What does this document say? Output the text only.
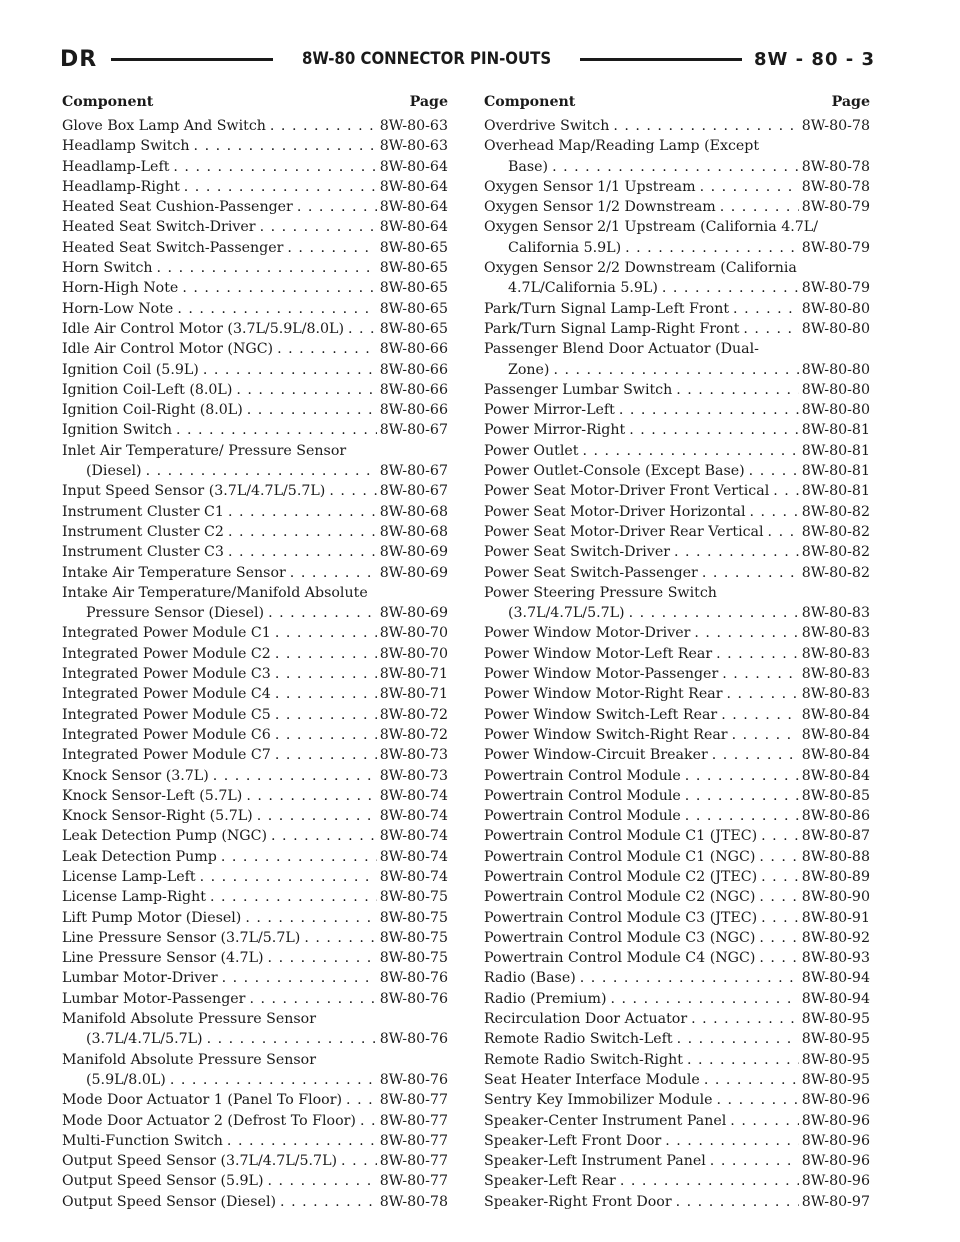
DR	8W-80 CONNECTOR PIN-OUTS	8W - 80 - 3
Component	Page
Glove Box Lamp And Switch . . .	8W-80-63
Headlamp Switch . . .	8W-80-63
Headlamp-Left . . .	8W-80-64
Headlamp-Right . . .	8W-80-64
Heated Seat Cushion-Passenger . . .	8W-80-64
Heated Seat Switch-Driver . . .	8W-80-64
Heated Seat Switch-Passenger . . .	8W-80-65
Horn Switch . . .	8W-80-65
Horn-High Note . . .	8W-80-65
Horn-Low Note . . .	8W-80-65
Idle Air Control Motor (3.7L/5.9L/8.0L) . . .	8W-80-65
Idle Air Control Motor (NGC) . . .	8W-80-66
Ignition Coil (5.9L) . . .	8W-80-66
Ignition Coil-Left (8.0L) . . .	8W-80-66
Ignition Coil-Right (8.0L) . . .	8W-80-66
Ignition Switch . . .	8W-80-67
Inlet Air Temperature/ Pressure Sensor
(Diesel) . . .	8W-80-67
Input Speed Sensor (3.7L/4.7L/5.7L) . . .	8W-80-67
Instrument Cluster C1 . . .	8W-80-68
Instrument Cluster C2 . . .	8W-80-68
Instrument Cluster C3 . . .	8W-80-69
Intake Air Temperature Sensor . . .	8W-80-69
Intake Air Temperature/Manifold Absolute
Pressure Sensor (Diesel) . . .	8W-80-69
Integrated Power Module C1 . . .	8W-80-70
Integrated Power Module C2 . . .	8W-80-70
Integrated Power Module C3 . . .	8W-80-71
Integrated Power Module C4 . . .	8W-80-71
Integrated Power Module C5 . . .	8W-80-72
Integrated Power Module C6 . . .	8W-80-72
Integrated Power Module C7 . . .	8W-80-73
Knock Sensor (3.7L) . . .	8W-80-73
Knock Sensor-Left (5.7L) . . .	8W-80-74
Knock Sensor-Right (5.7L) . . .	8W-80-74
Leak Detection Pump (NGC) . . .	8W-80-74
Leak Detection Pump . . .	8W-80-74
License Lamp-Left . . .	8W-80-74
License Lamp-Right . . .	8W-80-75
Lift Pump Motor (Diesel) . . .	8W-80-75
Line Pressure Sensor (3.7L/5.7L) . . .	8W-80-75
Line Pressure Sensor (4.7L) . . .	8W-80-75
Lumbar Motor-Driver . . .	8W-80-76
Lumbar Motor-Passenger . . .	8W-80-76
Manifold Absolute Pressure Sensor
(3.7L/4.7L/5.7L) . . .	8W-80-76
Manifold Absolute Pressure Sensor
(5.9L/8.0L) . . .	8W-80-76
Mode Door Actuator 1 (Panel To Floor) . . .	8W-80-77
Mode Door Actuator 2 (Defrost To Floor) . . . 8W-80-77
Multi-Function Switch . . .	8W-80-77
Output Speed Sensor (3.7L/4.7L/5.7L) . . .	8W-80-77
Output Speed Sensor (5.9L) . . .	8W-80-77
Output Speed Sensor (Diesel) . . .	8W-80-78
Component	Page
Overdrive Switch . . .	8W-80-78
Overhead Map/Reading Lamp (Except
Base) . . .	8W-80-78
Oxygen Sensor 1/1 Upstream . . .	8W-80-78
Oxygen Sensor 1/2 Downstream . . .	8W-80-79
Oxygen Sensor 2/1 Upstream (California 4.7L/
California 5.9L) . . .	8W-80-79
Oxygen Sensor 2/2 Downstream (California
4.7L/California 5.9L) . . .	8W-80-79
Park/Turn Signal Lamp-Left Front . . .	8W-80-80
Park/Turn Signal Lamp-Right Front . . .	8W-80-80
Passenger Blend Door Actuator (Dual-
Zone) . . .	8W-80-80
Passenger Lumbar Switch . . .	8W-80-80
Power Mirror-Left . . .	8W-80-80
Power Mirror-Right . . .	8W-80-81
Power Outlet . . .	8W-80-81
Power Outlet-Console (Except Base) . . .	8W-80-81
Power Seat Motor-Driver Front Vertical . . . 8W-80-81
Power Seat Motor-Driver Horizontal . . .	8W-80-82
Power Seat Motor-Driver Rear Vertical . . .	8W-80-82
Power Seat Switch-Driver . . .	8W-80-82
Power Seat Switch-Passenger . . .	8W-80-82
Power Steering Pressure Switch
(3.7L/4.7L/5.7L) . . .	8W-80-83
Power Window Motor-Driver . . .	8W-80-83
Power Window Motor-Left Rear . . .	8W-80-83
Power Window Motor-Passenger . . .	8W-80-83
Power Window Motor-Right Rear . . .	8W-80-83
Power Window Switch-Left Rear . . .	8W-80-84
Power Window Switch-Right Rear . . .	8W-80-84
Power Window-Circuit Breaker . . .	8W-80-84
Powertrain Control Module . . .	8W-80-84
Powertrain Control Module . . .	8W-80-85
Powertrain Control Module . . .	8W-80-86
Powertrain Control Module C1 (JTEC) . . .	8W-80-87
Powertrain Control Module C1 (NGC) . . .	8W-80-88
Powertrain Control Module C2 (JTEC) . . .	8W-80-89
Powertrain Control Module C2 (NGC) . . .	8W-80-90
Powertrain Control Module C3 (JTEC) . . .	8W-80-91
Powertrain Control Module C3 (NGC) . . .	8W-80-92
Powertrain Control Module C4 (NGC) . . .	8W-80-93
Radio (Base) . . .	8W-80-94
Radio (Premium) . . .	8W-80-94
Recirculation Door Actuator . . .	8W-80-95
Remote Radio Switch-Left . . .	8W-80-95
Remote Radio Switch-Right . . .	8W-80-95
Seat Heater Interface Module . . .	8W-80-95
Sentry Key Immobilizer Module . . .	8W-80-96
Speaker-Center Instrument Panel . . .	8W-80-96
Speaker-Left Front Door . . .	8W-80-96
Speaker-Left Instrument Panel . . .	8W-80-96
Speaker-Left Rear . . .	8W-80-96
Speaker-Right Front Door . . .	8W-80-97
